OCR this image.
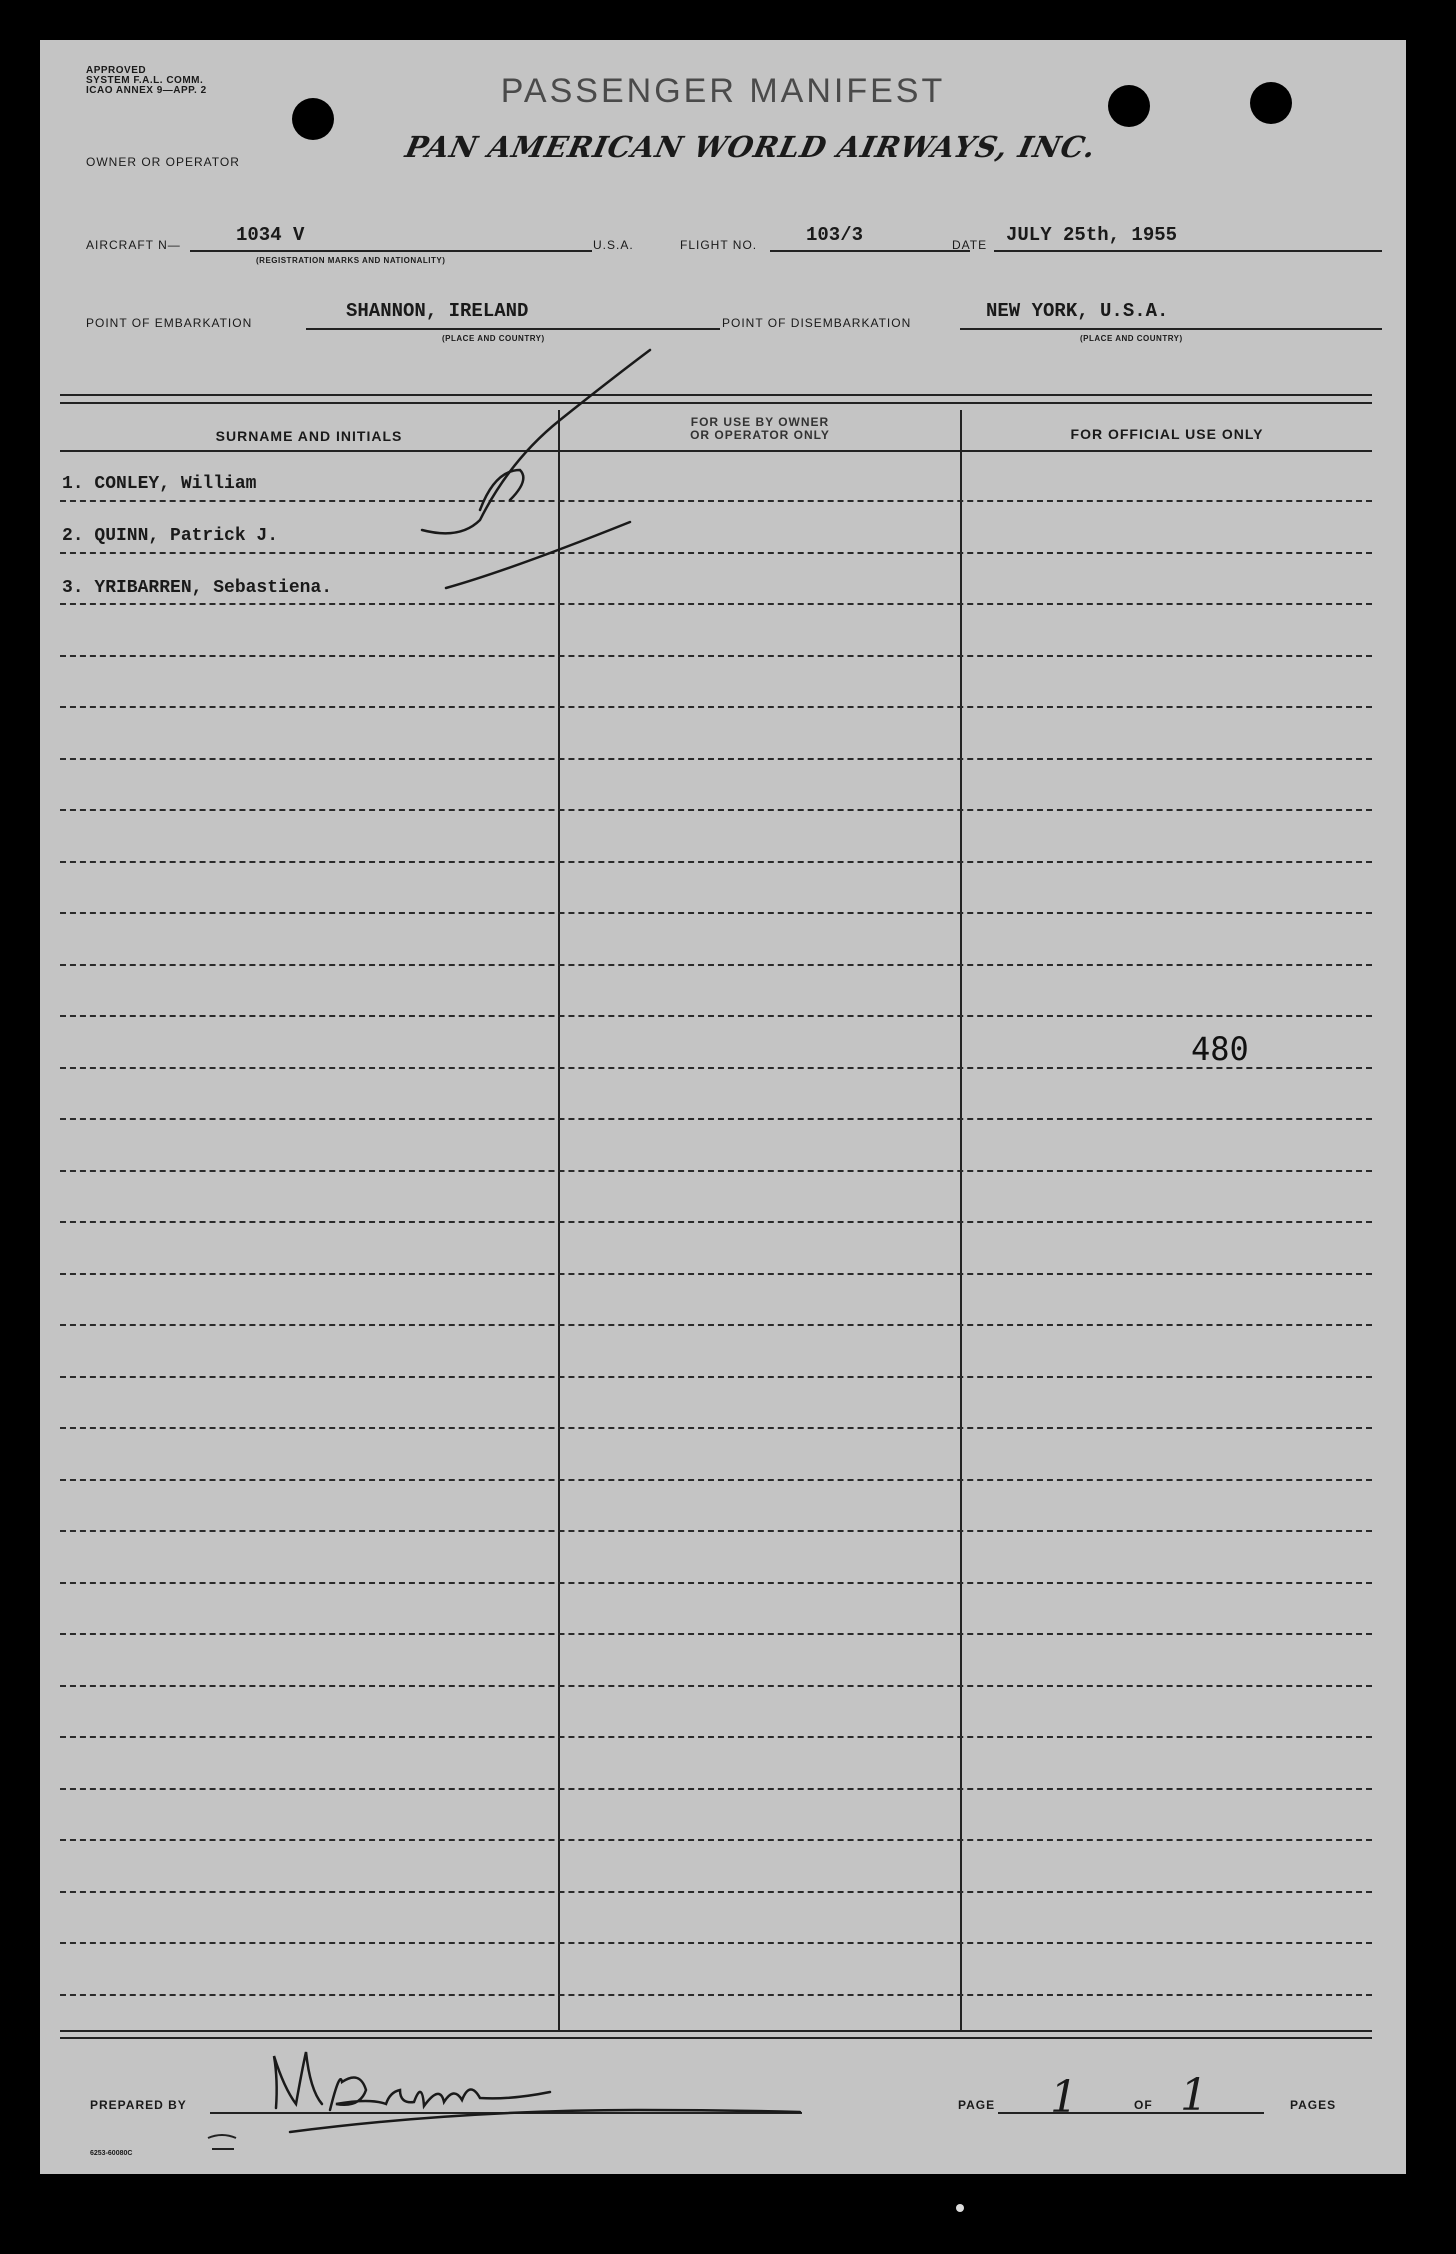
APPROVED
SYSTEM F.A.L. COMM.
ICAO ANNEX 9—APP. 2	PASSENGER MANIFEST
OWNER OR OPERATOR	PAN AMERICAN WORLD AIRWAYS, INC.
AIRCRAFT N—	1034 V
(REGISTRATION MARKS AND NATIONALITY)
U.S.A.	FLIGHT NO.	103/3	DATE JULY 25th, 1955
POINT OF EMBARKATION
SHANNON, IRELAND
(PLACE AND COUNTRY)
POINT OF DISEMBARKATION
NEW YORK, U.S.A.
(PLACE AND COUNTRY)
SURNAME AND INITIALS
FOR USE BY OWNER
OR OPERATOR ONLY	FOR OFFICIAL USE ONLY
1. CONLEY, William
2. QUINN, Patrick J.
3. YRIBARREN, Sebastiena.
480
PREPARED BY	PAGE 1	OF 1	PAGES
6253-60080C
